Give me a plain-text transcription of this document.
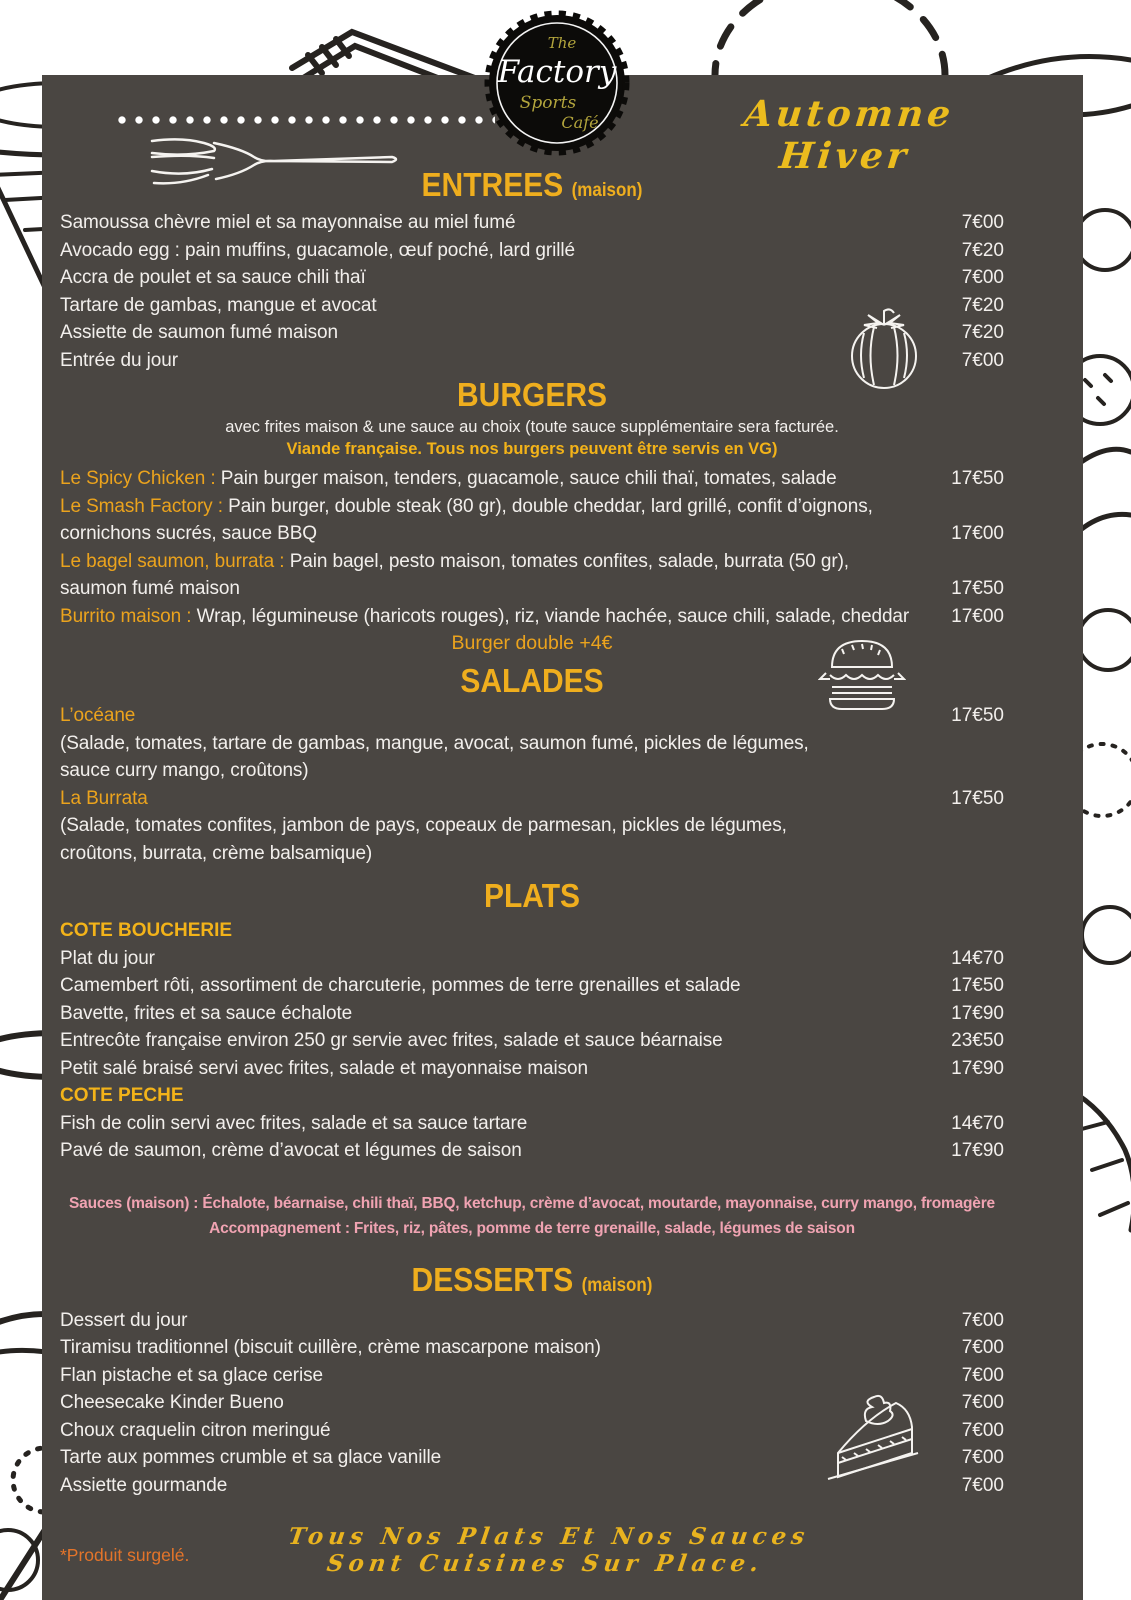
The
Factory
Sports
Café	Automne Hiver
ENTREES (maison)
Samoussa chèvre miel et sa mayonnaise au miel fumé	7€00
Avocado egg : pain muffins, guacamole, œuf poché, lard grillé	7€20
Accra de poulet et sa sauce chili thaï	7€00
Tartare de gambas, mangue et avocat	7€20
Assiette de saumon fumé maison	7€20
Entrée du jour	7€00
BURGERS
avec frites maison & une sauce au choix (toute sauce supplémentaire sera facturée.
Viande française. Tous nos burgers peuvent être servis en VG)
Le Spicy Chicken : Pain burger maison, tenders, guacamole, sauce chili thaï, tomates, salade	17€50
Le Smash Factory : Pain burger, double steak (80 gr), double cheddar, lard grillé, confit d’oignons,
cornichons sucrés, sauce BBQ	17€00
Le bagel saumon, burrata : Pain bagel, pesto maison, tomates confites, salade, burrata (50 gr),
saumon fumé maison	17€50
Burrito maison : Wrap, légumineuse (haricots rouges), riz, viande hachée, sauce chili, salade, cheddar	17€00
Burger double +4€
SALADES
L’océane	17€50
(Salade, tomates, tartare de gambas, mangue, avocat, saumon fumé, pickles de légumes,
sauce curry mango, croûtons)
La Burrata	17€50
(Salade, tomates confites, jambon de pays, copeaux de parmesan, pickles de légumes,
croûtons, burrata, crème balsamique)
PLATS
COTE BOUCHERIE
Plat du jour	14€70
Camembert rôti, assortiment de charcuterie, pommes de terre grenailles et salade	17€50
Bavette, frites et sa sauce échalote	17€90
Entrecôte française environ 250 gr servie avec frites, salade et sauce béarnaise	23€50
Petit salé braisé servi avec frites, salade et mayonnaise maison	17€90
COTE PECHE
Fish de colin servi avec frites, salade et sa sauce tartare	14€70
Pavé de saumon, crème d’avocat et légumes de saison	17€90
Sauces (maison) : Échalote, béarnaise, chili thaï, BBQ, ketchup, crème d’avocat, moutarde, mayonnaise, curry mango, fromagère
Accompagnement : Frites, riz, pâtes, pomme de terre grenaille, salade, légumes de saison
DESSERTS (maison)
Dessert du jour	7€00
Tiramisu traditionnel (biscuit cuillère, crème mascarpone maison)	7€00
Flan pistache et sa glace cerise	7€00
Cheesecake Kinder Bueno	7€00
Choux craquelin citron meringué	7€00
Tarte aux pommes crumble et sa glace vanille	7€00
Assiette gourmande	7€00
Tous Nos Plats Et Nos Sauces Sont Cuisines Sur Place.
*Produit surgelé.
